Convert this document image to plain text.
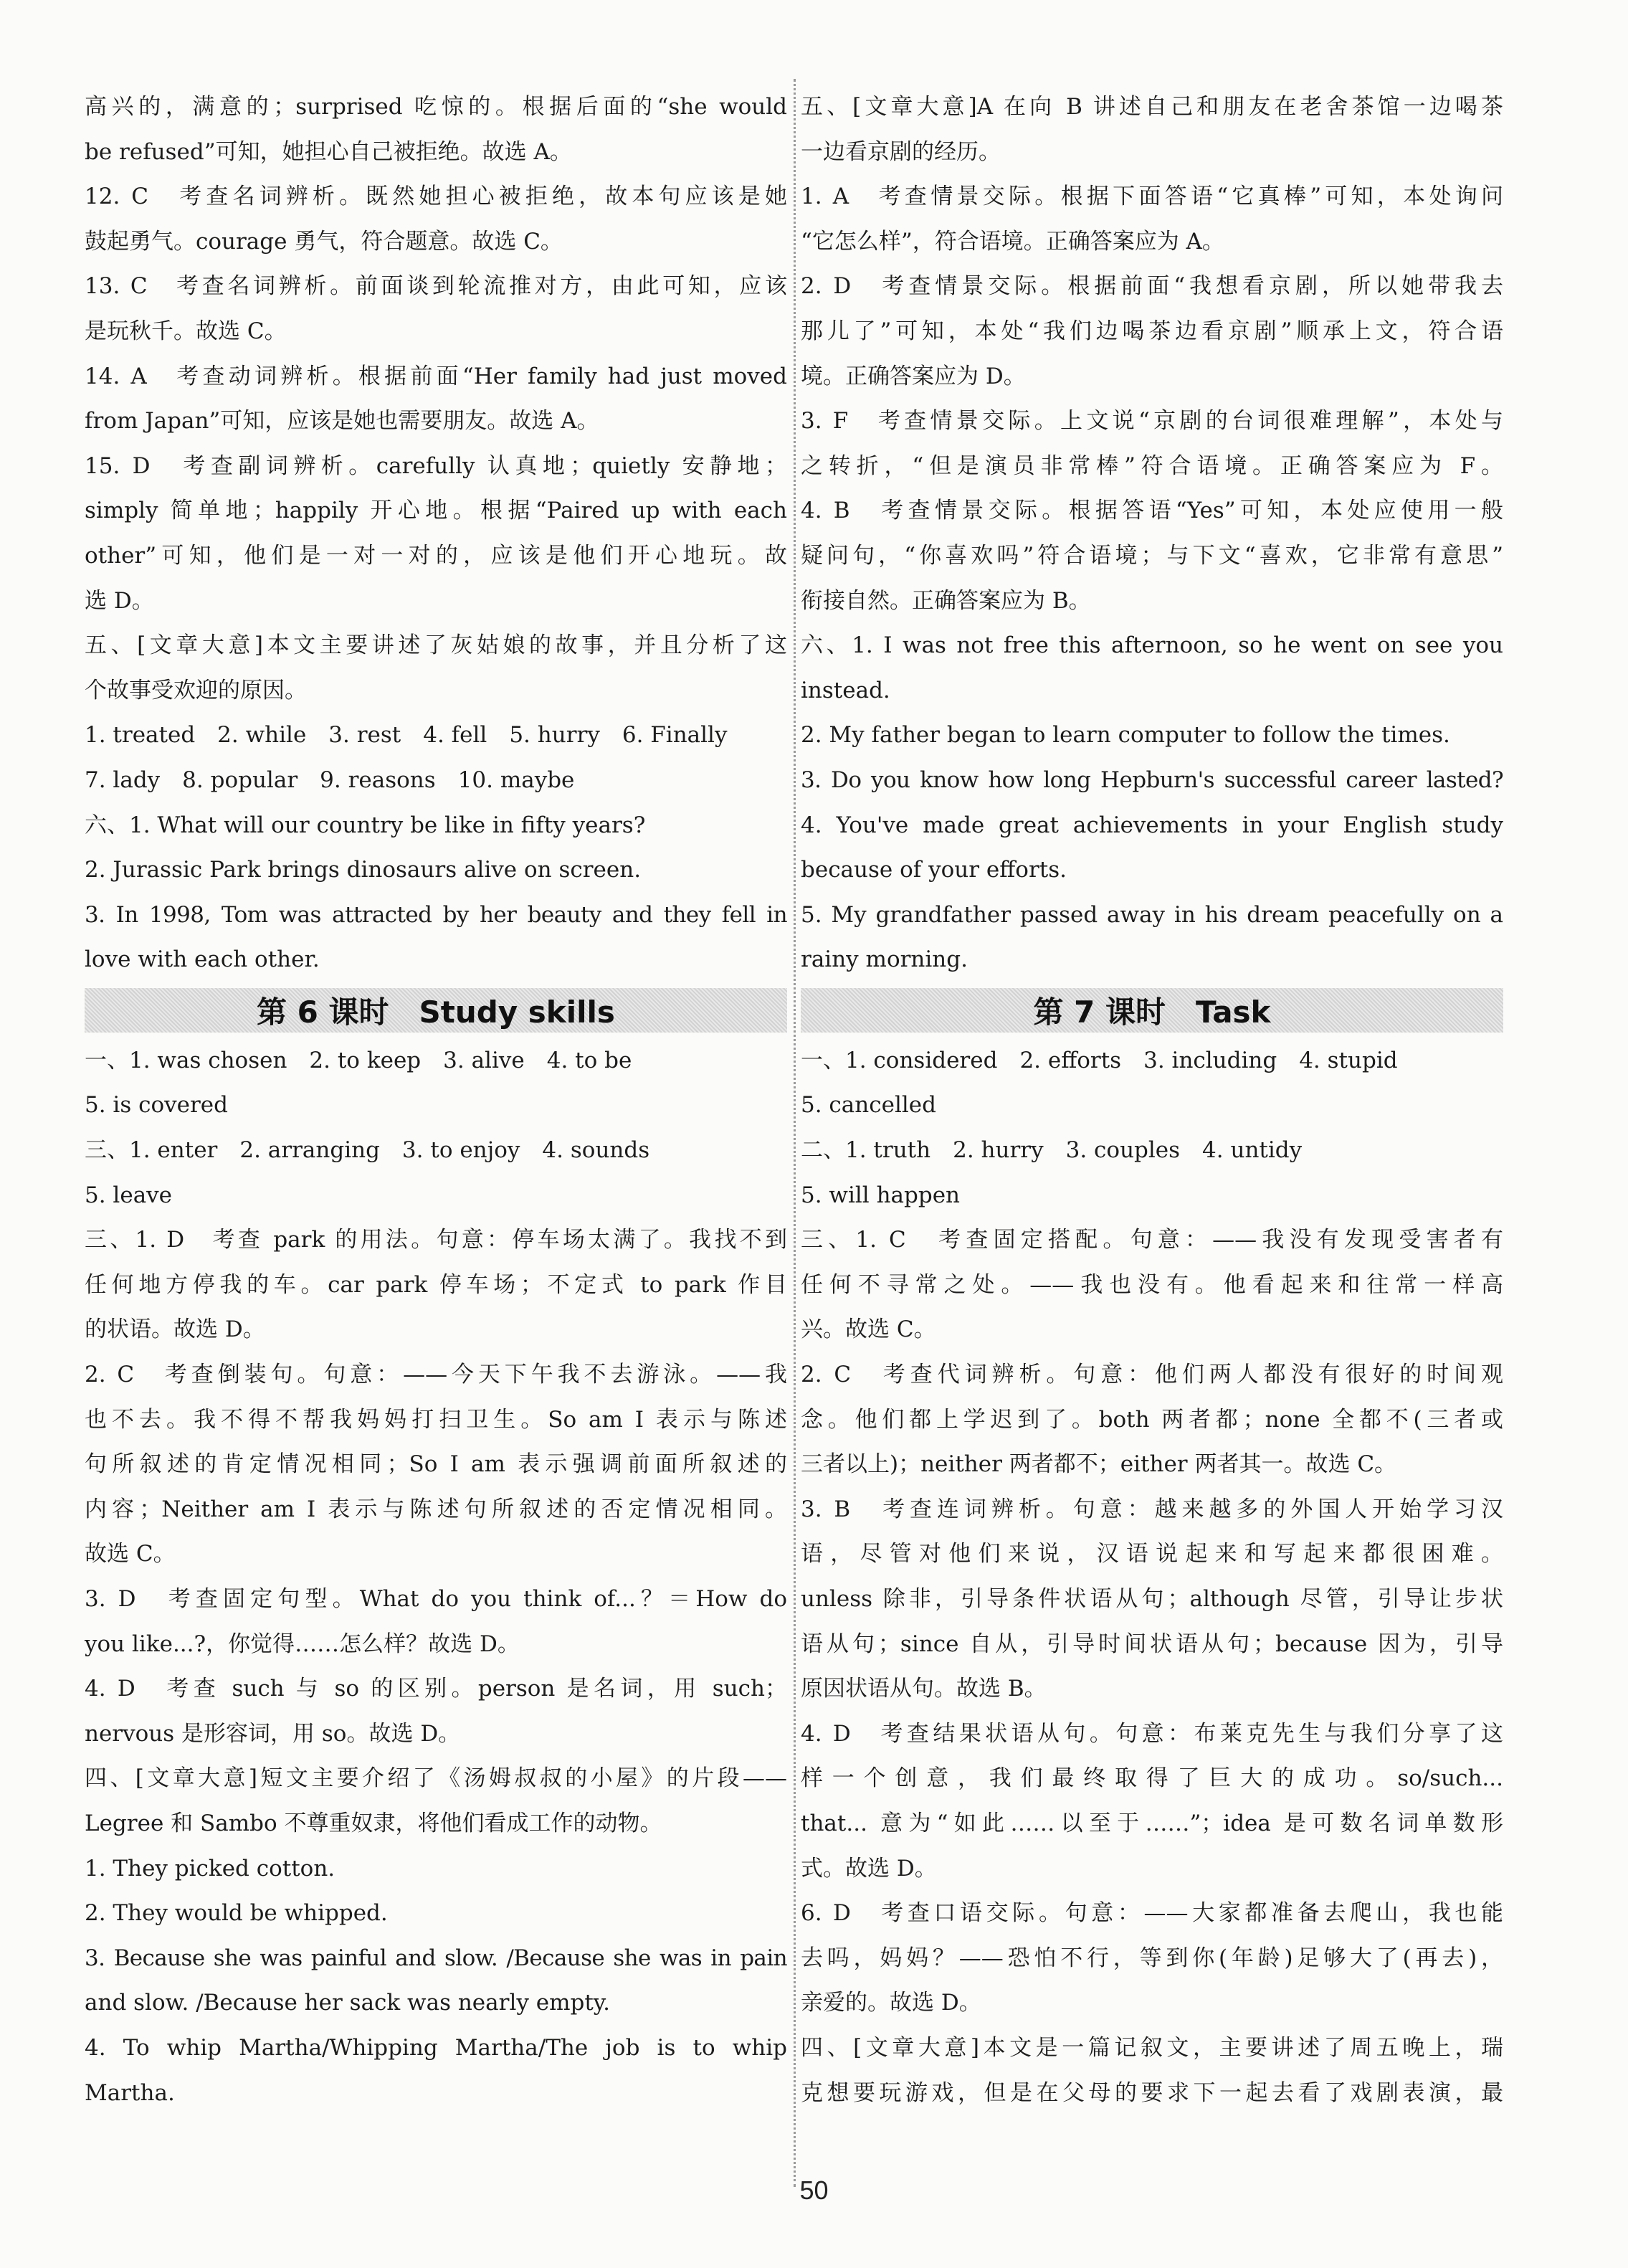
高兴的，满意的；surprised 吃惊的。根据后面的“she would

be refused”可知，她担心自己被拒绝。故选 A。

12. C　考查名词辨析。既然她担心被拒绝，故本句应该是她

鼓起勇气。courage 勇气，符合题意。故选 C。

13. C　考查名词辨析。前面谈到轮流推对方，由此可知，应该

是玩秋千。故选 C。

14. A　考查动词辨析。根据前面“Her family had just moved

from Japan”可知，应该是她也需要朋友。故选 A。

15. D　考查副词辨析。carefully 认真地；quietly 安静地；

simply 简单地；happily 开心地。根据“Paired up with each

other”可知，他们是一对一对的，应该是他们开心地玩。故

选 D。

五、[文章大意]本文主要讲述了灰姑娘的故事，并且分析了这

个故事受欢迎的原因。

1. treated　2. while　3. rest　4. fell　5. hurry　6. Finally

7. lady　8. popular　9. reasons　10. maybe

六、1. What will our country be like in fifty years?

2. Jurassic Park brings dinosaurs alive on screen.

3. In 1998, Tom was attracted by her beauty and they fell in

love with each other.

第 6 课时　Study skills

一、1. was chosen　2. to keep　3. alive　4. to be

5. is covered

三、1. enter　2. arranging　3. to enjoy　4. sounds

5. leave

三、1. D　考查 park 的用法。句意：停车场太满了。我找不到

任何地方停我的车。car park 停车场；不定式 to park 作目

的状语。故选 D。

2. C　考查倒装句。句意：——今天下午我不去游泳。——我

也不去。我不得不帮我妈妈打扫卫生。So am I 表示与陈述

句所叙述的肯定情况相同；So I am 表示强调前面所叙述的

内容；Neither am I 表示与陈述句所叙述的否定情况相同。

故选 C。

3. D　考查固定句型。What do you think of...？＝How do

you like...?，你觉得……怎么样？故选 D。

4. D　考查 such 与 so 的区别。person 是名词，用 such；

nervous 是形容词，用 so。故选 D。

四、[文章大意]短文主要介绍了《汤姆叔叔的小屋》的片段——

Legree 和 Sambo 不尊重奴隶，将他们看成工作的动物。

1. They picked cotton.

2. They would be whipped.

3. Because she was painful and slow. /Because she was in pain

and slow. /Because her sack was nearly empty.

4. To whip Martha/Whipping Martha/The job is to whip

Martha.

五、[文章大意]A 在向 B 讲述自己和朋友在老舍茶馆一边喝茶

一边看京剧的经历。

1. A　考查情景交际。根据下面答语“它真棒”可知，本处询问

“它怎么样”，符合语境。正确答案应为 A。

2. D　考查情景交际。根据前面“我想看京剧，所以她带我去

那儿了”可知，本处“我们边喝茶边看京剧”顺承上文，符合语

境。正确答案应为 D。

3. F　考查情景交际。上文说“京剧的台词很难理解”，本处与

之转折，“但是演员非常棒”符合语境。正确答案应为 F。

4. B　考查情景交际。根据答语“Yes”可知，本处应使用一般

疑问句，“你喜欢吗”符合语境；与下文“喜欢，它非常有意思”

衔接自然。正确答案应为 B。

六、1. I was not free this afternoon, so he went on see you

instead.

2. My father began to learn computer to follow the times.

3. Do you know how long Hepburn's successful career lasted?

4. You've made great achievements in your English study

because of your efforts.

5. My grandfather passed away in his dream peacefully on a

rainy morning.

第 7 课时　Task

一、1. considered　2. efforts　3. including　4. stupid

5. cancelled

二、1. truth　2. hurry　3. couples　4. untidy

5. will happen

三、1. C　考查固定搭配。句意：——我没有发现受害者有

任何不寻常之处。——我也没有。他看起来和往常一样高

兴。故选 C。

2. C　考查代词辨析。句意：他们两人都没有很好的时间观

念。他们都上学迟到了。both 两者都；none 全都不(三者或

三者以上)；neither 两者都不；either 两者其一。故选 C。

3. B　考查连词辨析。句意：越来越多的外国人开始学习汉

语，尽管对他们来说，汉语说起来和写起来都很困难。

unless 除非，引导条件状语从句；although 尽管，引导让步状

语从句；since 自从，引导时间状语从句；because 因为，引导

原因状语从句。故选 B。

4. D　考查结果状语从句。句意：布莱克先生与我们分享了这

样一个创意，我们最终取得了巨大的成功。so/such...

that... 意为“如此……以至于……”；idea 是可数名词单数形

式。故选 D。

6. D　考查口语交际。句意：——大家都准备去爬山，我也能

去吗，妈妈？——恐怕不行，等到你(年龄)足够大了(再去)，

亲爱的。故选 D。

四、[文章大意]本文是一篇记叙文，主要讲述了周五晚上，瑞

克想要玩游戏，但是在父母的要求下一起去看了戏剧表演，最

50
